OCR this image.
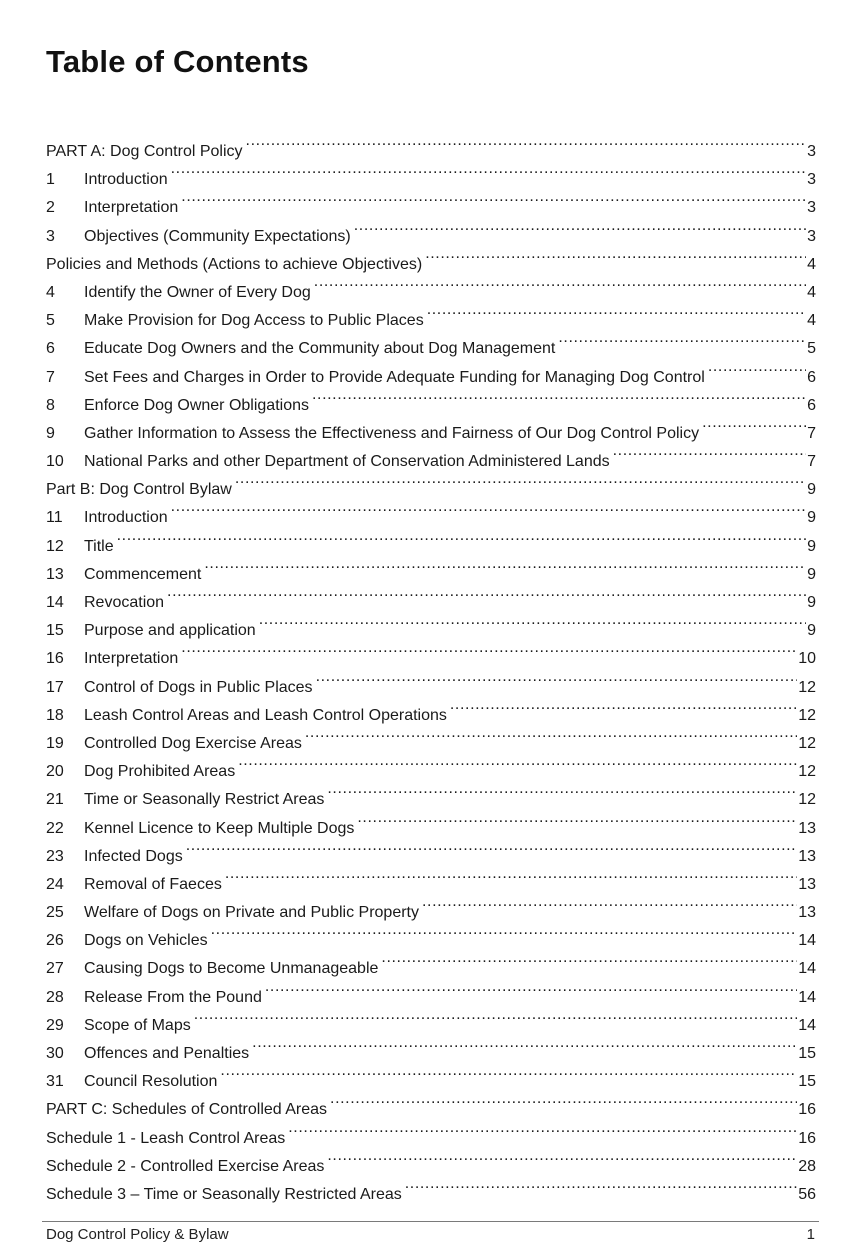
Table of Contents
PART A: Dog Control Policy .....	3
1	Introduction .....	3
2	Interpretation .....	3
3	Objectives (Community Expectations) .....	3
Policies and Methods (Actions to achieve Objectives) .....	4
4	Identify the Owner of Every Dog .....	4
5	Make Provision for Dog Access to Public Places .....	4
6	Educate Dog Owners and the Community about Dog Management .....	5
7	Set Fees and Charges in Order to Provide Adequate Funding for Managing Dog Control .....	6
8	Enforce Dog Owner Obligations .....	6
9	Gather Information to Assess the Effectiveness and Fairness of Our Dog Control Policy .....	7
10	National Parks and other Department of Conservation Administered Lands .....	7
Part B: Dog Control Bylaw .....	9
11	Introduction .....	9
12	Title .....	9
13	Commencement .....	9
14	Revocation .....	9
15	Purpose and application .....	9
16	Interpretation .....	10
17	Control of Dogs in Public Places .....	12
18	Leash Control Areas and Leash Control Operations .....	12
19	Controlled Dog Exercise Areas .....	12
20	Dog Prohibited Areas .....	12
21	Time or Seasonally Restrict Areas .....	12
22	Kennel Licence to Keep Multiple Dogs .....	13
23	Infected Dogs .....	13
24	Removal of Faeces .....	13
25	Welfare of Dogs on Private and Public Property .....	13
26	Dogs on Vehicles .....	14
27	Causing Dogs to Become Unmanageable .....	14
28	Release From the Pound .....	14
29	Scope of Maps .....	14
30	Offences and Penalties .....	15
31	Council Resolution .....	15
PART C: Schedules of Controlled Areas .....	16
Schedule 1 - Leash Control Areas .....	16
Schedule 2 - Controlled Exercise Areas .....	28
Schedule 3 – Time or Seasonally Restricted Areas .....	56
Dog Control Policy & Bylaw	1
